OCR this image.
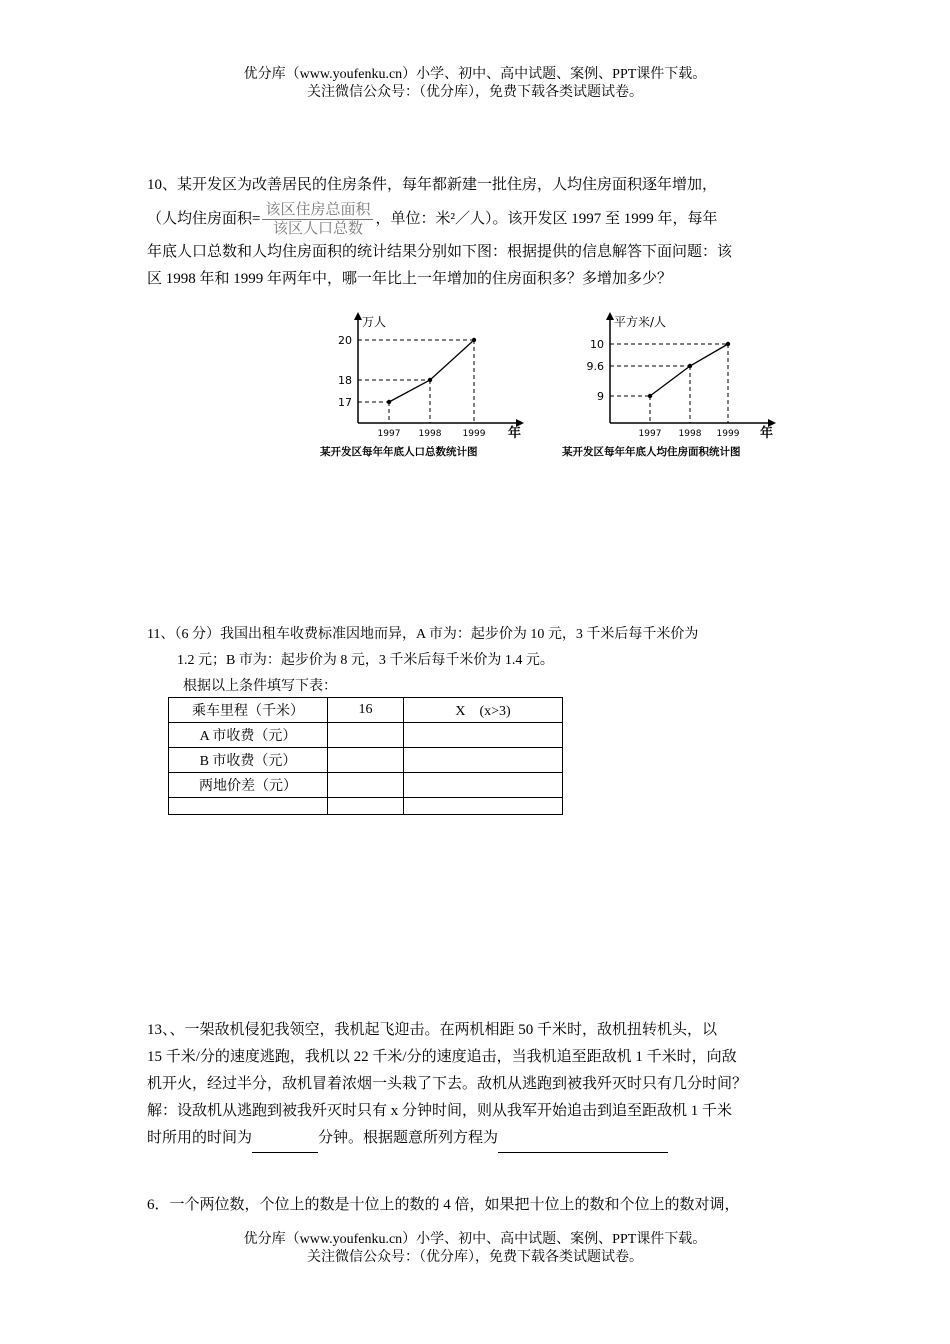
优分库（www.youfenku.cn）小学、初中、高中试题、案例、PPT课件下载。
关注微信公众号：（优分库），免费下载各类试题试卷。
10、某开发区为改善居民的住房条件，每年都新建一批住房，人均住房面积逐年增加，
（人均住房面积= $\frac{\text{该区住房总面积}}{\text{该区人口总数}}$ ，单位：米²／人）。该开发区 1997 至 1999 年，每年
年底人口总数和人均住房面积的统计结果分别如下图：根据提供的信息解答下面问题：该
区 1998 年和 1999 年两年中，哪一年比上一年增加的住房面积多？多增加多少？
万人
年
17
1997
18
1998
20
1999
某开发区每年年底人口总数统计图
平方米/人
年
9
1997
9.6
1998
10
1999
某开发区每年年底人均住房面积统计图
11、（6 分）我国出租车收费标准因地而异，A 市为：起步价为 10 元，3 千米后每千米价为
1.2 元；B 市为：起步价为 8 元，3 千米后每千米价为 1.4 元。
根据以上条件填写下表：
乘车里程（千米）	16	X　(x>3)
A 市收费（元）		
B 市收费（元）		
两地价差（元）		

13、、一架敌机侵犯我领空，我机起飞迎击。在两机相距 50 千米时，敌机扭转机头，以
15 千米/分的速度逃跑，我机以 22 千米/分的速度追击，当我机追至距敌机 1 千米时，向敌
机开火，经过半分，敌机冒着浓烟一头栽了下去。敌机从逃跑到被我歼灭时只有几分时间？
解：设敌机从逃跑到被我歼灭时只有 x 分钟时间，则从我军开始追击到追至距敌机 1 千米
时所用的时间为	分钟。根据题意所列方程为
6．一个两位数，个位上的数是十位上的数的 4 倍，如果把十位上的数和个位上的数对调，
优分库（www.youfenku.cn）小学、初中、高中试题、案例、PPT课件下载。
关注微信公众号：（优分库），免费下载各类试题试卷。
